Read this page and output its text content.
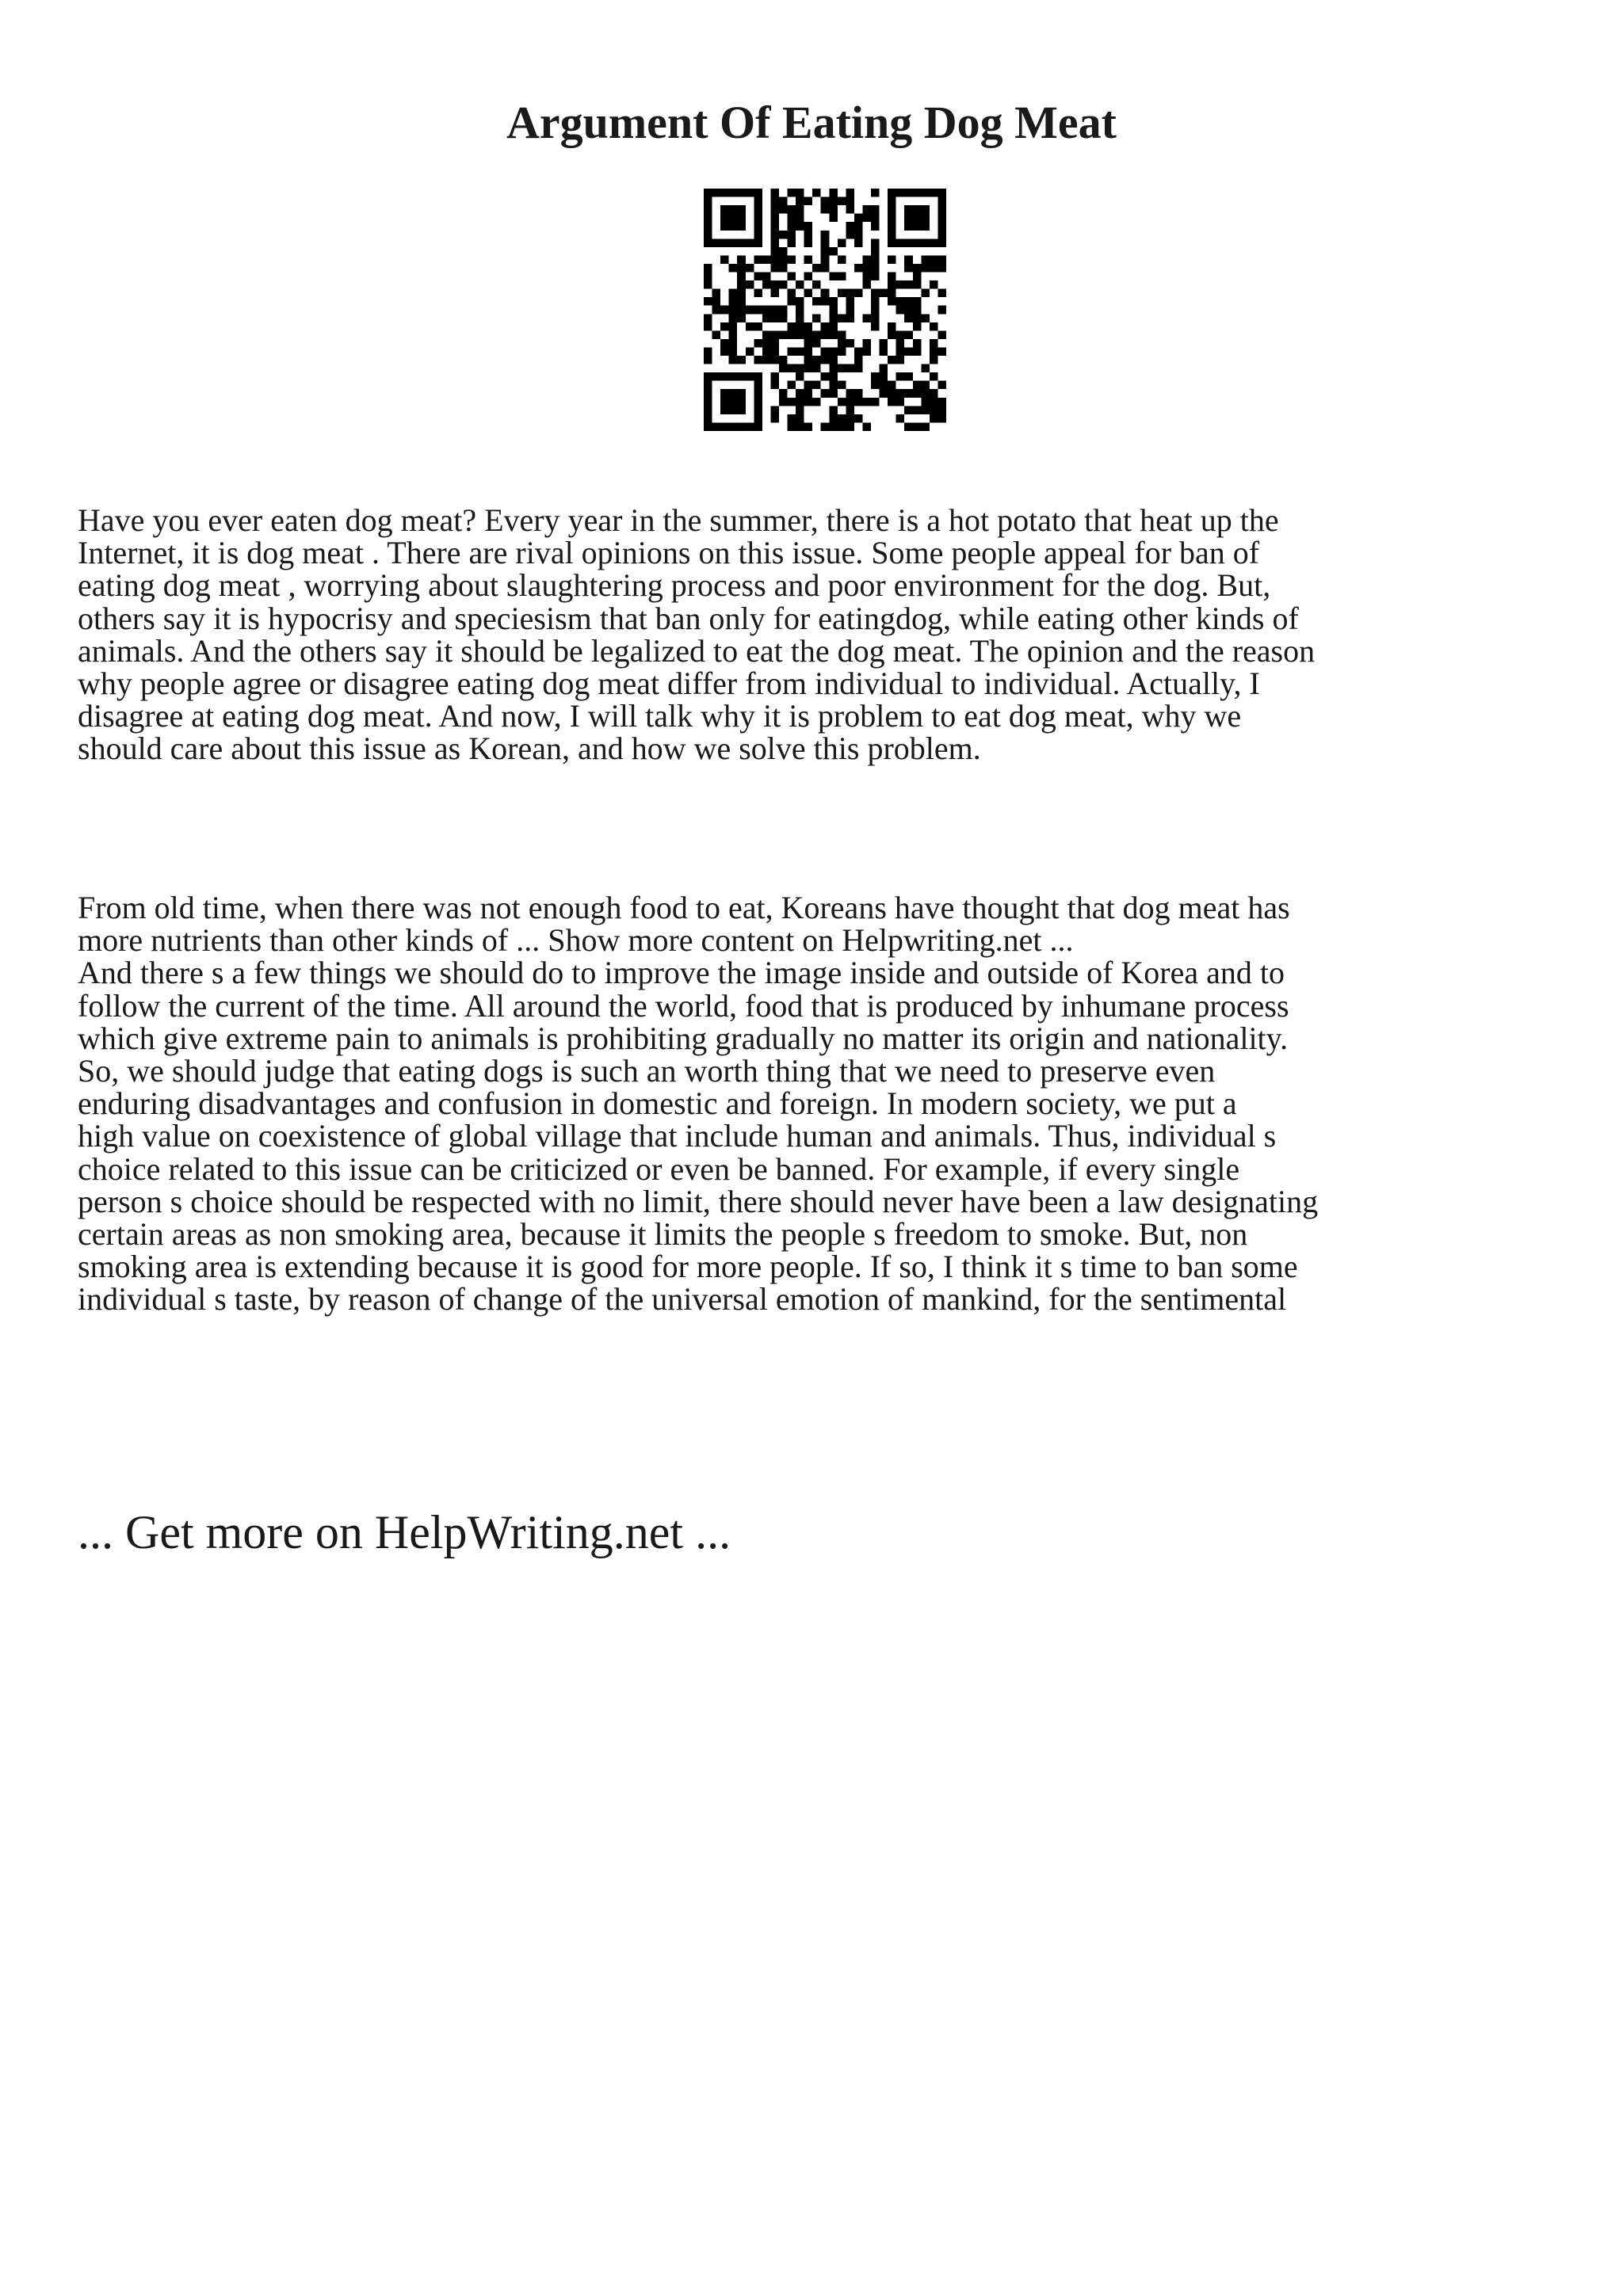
Argument Of Eating Dog Meat

Have you ever eaten dog meat? Every year in the summer, there is a hot potato that heat up the
Internet, it is dog meat . There are rival opinions on this issue. Some people appeal for ban of
eating dog meat , worrying about slaughtering process and poor environment for the dog. But,
others say it is hypocrisy and speciesism that ban only for eatingdog, while eating other kinds of
animals. And the others say it should be legalized to eat the dog meat. The opinion and the reason
why people agree or disagree eating dog meat differ from individual to individual. Actually, I
disagree at eating dog meat. And now, I will talk why it is problem to eat dog meat, why we
should care about this issue as Korean, and how we solve this problem.

From old time, when there was not enough food to eat, Koreans have thought that dog meat has
more nutrients than other kinds of ... Show more content on Helpwriting.net ...
And there s a few things we should do to improve the image inside and outside of Korea and to
follow the current of the time. All around the world, food that is produced by inhumane process
which give extreme pain to animals is prohibiting gradually no matter its origin and nationality.
So, we should judge that eating dogs is such an worth thing that we need to preserve even
enduring disadvantages and confusion in domestic and foreign. In modern society, we put a
high value on coexistence of global village that include human and animals. Thus, individual s
choice related to this issue can be criticized or even be banned. For example, if every single
person s choice should be respected with no limit, there should never have been a law designating
certain areas as non smoking area, because it limits the people s freedom to smoke. But, non
smoking area is extending because it is good for more people. If so, I think it s time to ban some
individual s taste, by reason of change of the universal emotion of mankind, for the sentimental

... Get more on HelpWriting.net ...
